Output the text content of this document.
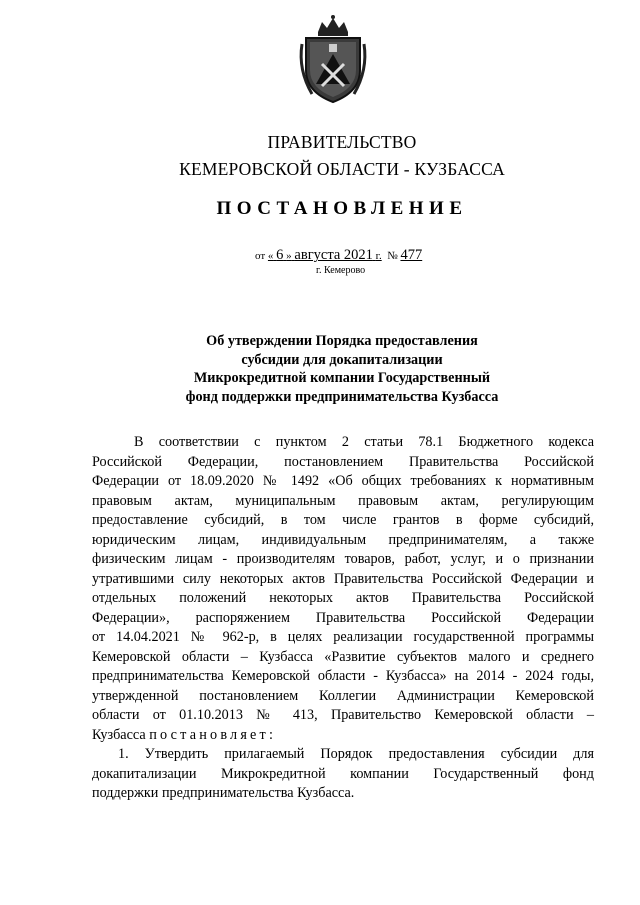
ПРАВИТЕЛЬСТВО
КЕМЕРОВСКОЙ ОБЛАСТИ - КУЗБАССА
ПОСТАНОВЛЕНИЕ
от « 6 » августа 2021 г. № 477
г. Кемерово
Об утверждении Порядка предоставления
субсидии для докапитализации
Микрокредитной компании Государственный
фонд поддержки предпринимательства Кузбасса
В соответствии с пунктом 2 статьи 78.1 Бюджетного кодекса
Российской Федерации, постановлением Правительства Российской
Федерации от 18.09.2020 № 1492 «Об общих требованиях к нормативным
правовым актам, муниципальным правовым актам, регулирующим
предоставление субсидий, в том числе грантов в форме субсидий,
юридическим лицам, индивидуальным предпринимателям, а также
физическим лицам - производителям товаров, работ, услуг, и о признании
утратившими силу некоторых актов Правительства Российской Федерации и
отдельных положений некоторых актов Правительства Российской
Федерации», распоряжением Правительства Российской Федерации
от 14.04.2021 № 962-р, в целях реализации государственной программы
Кемеровской области – Кузбасса «Развитие субъектов малого и среднего
предпринимательства Кемеровской области - Кузбасса» на 2014 - 2024 годы,
утвержденной постановлением Коллегии Администрации Кемеровской
области от 01.10.2013 № 413, Правительство Кемеровской области –
Кузбасса постановляет:
1. Утвердить прилагаемый Порядок предоставления субсидии для
докапитализации Микрокредитной компании Государственный фонд
поддержки предпринимательства Кузбасса.
